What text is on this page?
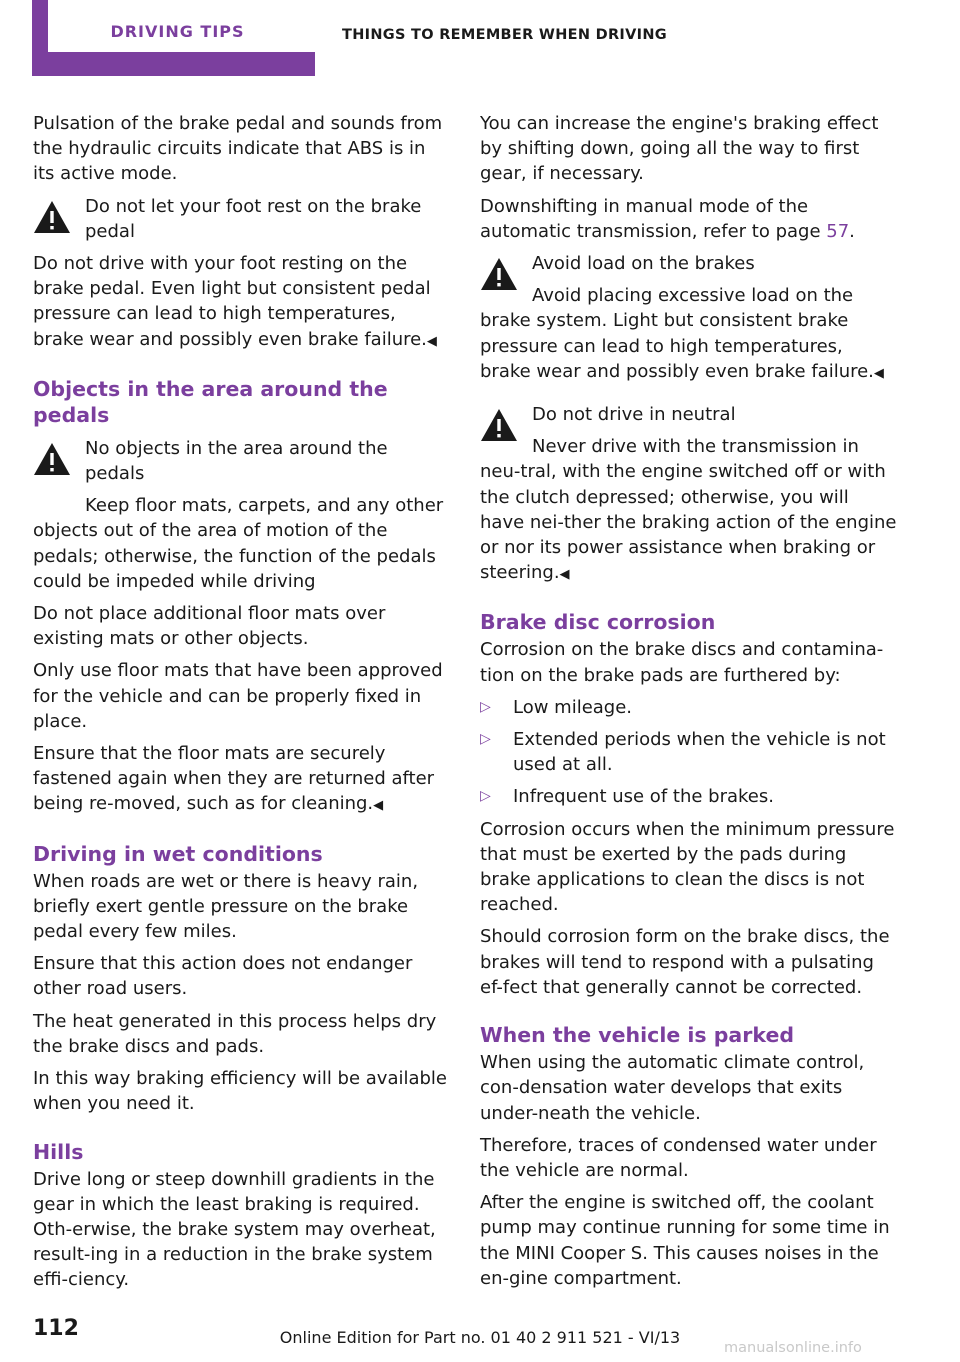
DRIVING TIPS	THINGS TO REMEMBER WHEN DRIVING

Pulsation of the brake pedal and sounds from the hydraulic circuits indicate that ABS is in its active mode.

Do not let your foot rest on the brake pedal

Do not drive with your foot resting on the brake pedal. Even light but consistent pedal pressure can lead to high temperatures, brake wear and possibly even brake failure.◀

Objects in the area around the pedals

No objects in the area around the pedals

Keep floor mats, carpets, and any other objects out of the area of motion of the pedals; otherwise, the function of the pedals could be impeded while driving

Do not place additional floor mats over existing mats or other objects.

Only use floor mats that have been approved for the vehicle and can be properly fixed in place.

Ensure that the floor mats are securely fastened again when they are returned after being re-moved, such as for cleaning.◀

Driving in wet conditions

When roads are wet or there is heavy rain, briefly exert gentle pressure on the brake pedal every few miles.

Ensure that this action does not endanger other road users.

The heat generated in this process helps dry the brake discs and pads.

In this way braking efficiency will be available when you need it.

Hills

Drive long or steep downhill gradients in the gear in which the least braking is required. Oth-erwise, the brake system may overheat, result-ing in a reduction in the brake system effi-ciency.

You can increase the engine's braking effect by shifting down, going all the way to first gear, if necessary.

Downshifting in manual mode of the automatic transmission, refer to page 57.

Avoid load on the brakes

Avoid placing excessive load on the brake system. Light but consistent brake pressure can lead to high temperatures, brake wear and possibly even brake failure.◀

Do not drive in neutral

Never drive with the transmission in neu-tral, with the engine switched off or with the clutch depressed; otherwise, you will have nei-ther the braking action of the engine or nor its power assistance when braking or steering.◀

Brake disc corrosion

Corrosion on the brake discs and contamina-tion on the brake pads are furthered by:

▷ Low mileage.
▷ Extended periods when the vehicle is not used at all.
▷ Infrequent use of the brakes.

Corrosion occurs when the minimum pressure that must be exerted by the pads during brake applications to clean the discs is not reached.

Should corrosion form on the brake discs, the brakes will tend to respond with a pulsating ef-fect that generally cannot be corrected.

When the vehicle is parked

When using the automatic climate control, con-densation water develops that exits under-neath the vehicle.

Therefore, traces of condensed water under the vehicle are normal.

After the engine is switched off, the coolant pump may continue running for some time in the MINI Cooper S. This causes noises in the en-gine compartment.

112	Online Edition for Part no. 01 40 2 911 521 - VI/13
manualsonline.info
